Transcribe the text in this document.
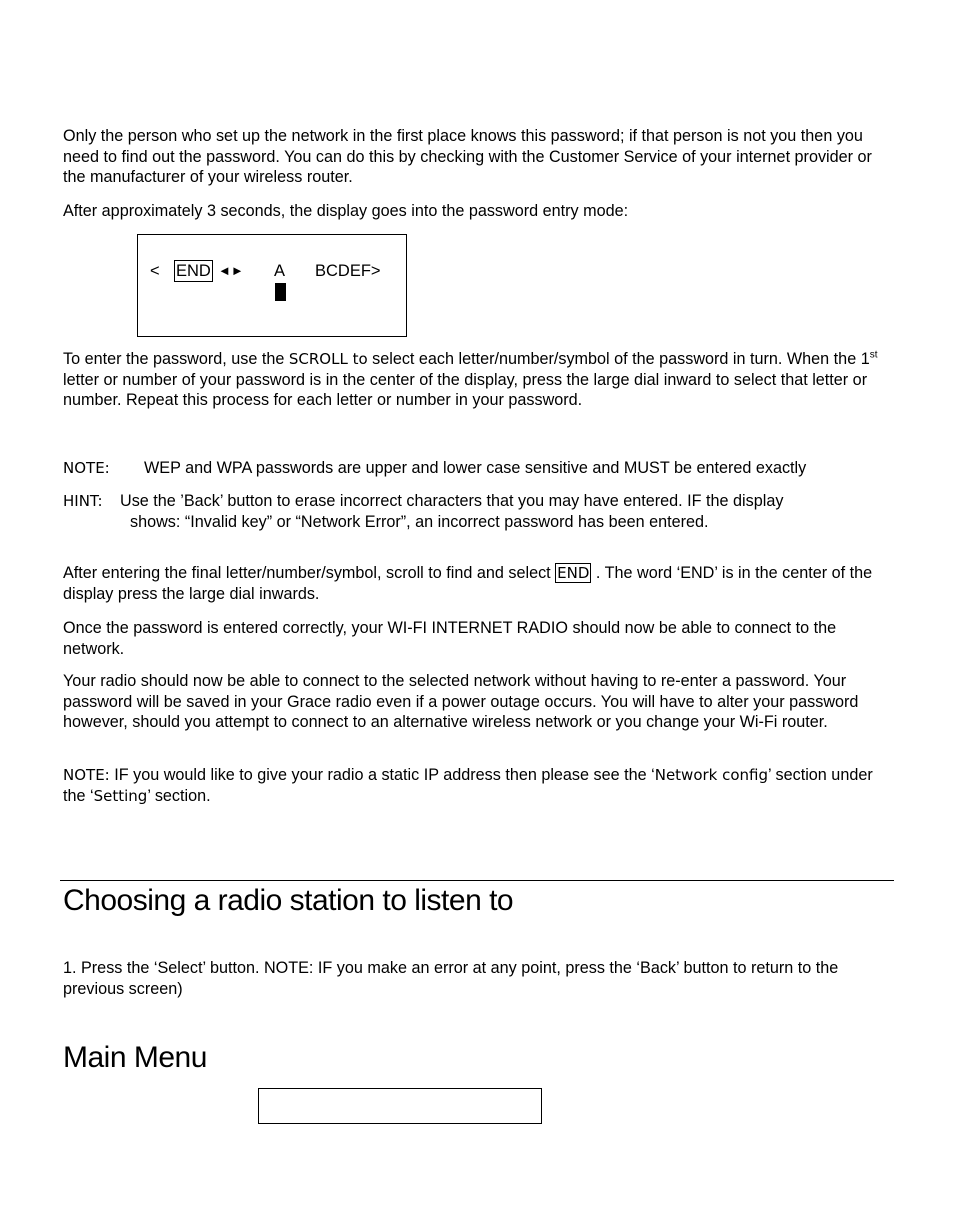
Only the person who set up the network in the first place knows this password; if that person is not you then you need to find out the password. You can do this by checking with the Customer Service of your internet provider or the manufacturer of your wireless router.

After approximately 3 seconds, the display goes into the password entry mode:

< END ◄► A BCDEF>

To enter the password, use the SCROLL to select each letter/number/symbol of the password in turn. When the 1st letter or number of your password is in the center of the display, press the large dial inward to select that letter or number. Repeat this process for each letter or number in your password.

NOTE: WEP and WPA passwords are upper and lower case sensitive and MUST be entered exactly
HINT: Use the ’Back’ button to erase incorrect characters that you may have entered. IF the display
shows: “Invalid key” or “Network Error”, an incorrect password has been entered.

After entering the final letter/number/symbol, scroll to find and select END . The word ‘END’ is in the center of the display press the large dial inwards.

Once the password is entered correctly, your WI-FI INTERNET RADIO should now be able to connect to the network.

Your radio should now be able to connect to the selected network without having to re-enter a password. Your password will be saved in your Grace radio even if a power outage occurs. You will have to alter your password however, should you attempt to connect to an alternative wireless network or you change your Wi-Fi router.

NOTE: IF you would like to give your radio a static IP address then please see the ‘Network config’ section under the ‘Setting’ section.

Choosing a radio station to listen to

1. Press the ‘Select’ button. NOTE: IF you make an error at any point, press the ‘Back’ button to return to the previous screen)

Main Menu
